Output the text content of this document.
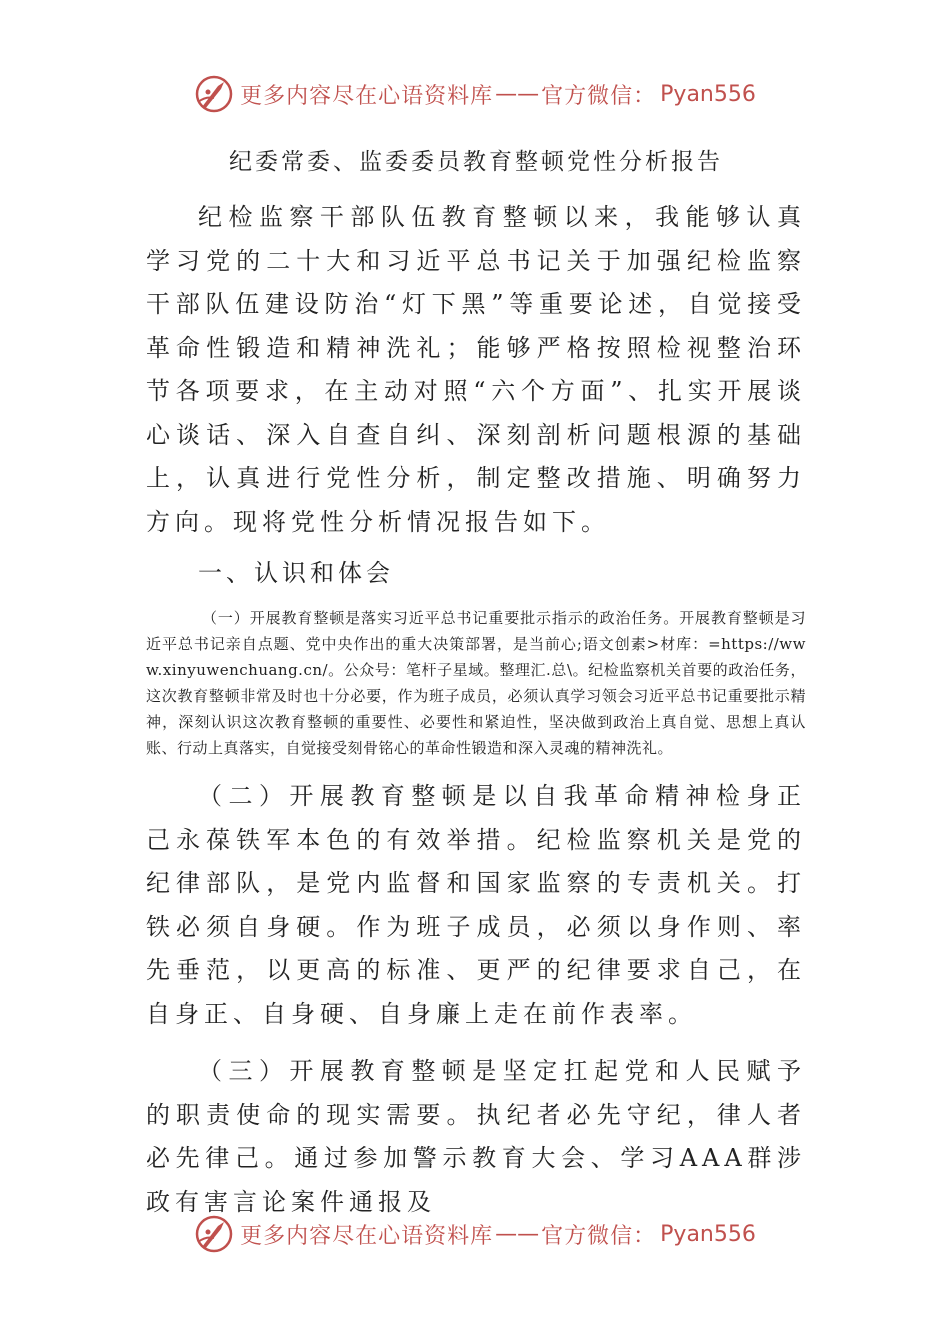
更多内容尽在心语资料库 —— 官方微信： Pyan556
纪委常委、监委委员教育整顿党性分析报告

纪检监察干部队伍教育整顿以来，我能够认真学习党的二十大和习近平总书记关于加强纪检监察干部队伍建设防治“灯下黑”等重要论述，自觉接受革命性锻造和精神洗礼；能够严格按照检视整治环节各项要求，在主动对照“六个方面”、扎实开展谈心谈话、深入自查自纠、深刻剖析问题根源的基础上，认真进行党性分析，制定整改措施、明确努力方向。现将党性分析情况报告如下。

一、认识和体会

（一）开展教育整顿是落实习近平总书记重要批示指示的政治任务。开展教育整顿是习近平总书记亲自点题、党中央作出的重大决策部署，是当前心;语文创素>材库：=https://www.xinyuwenchuang.cn/。公众号：笔杆子星域。整理汇.总\。纪检监察机关首要的政治任务，这次教育整顿非常及时也十分必要，作为班子成员，必须认真学习领会习近平总书记重要批示精神，深刻认识这次教育整顿的重要性、必要性和紧迫性，坚决做到政治上真自觉、思想上真认账、行动上真落实，自觉接受刻骨铭心的革命性锻造和深入灵魂的精神洗礼。

（二）开展教育整顿是以自我革命精神检身正己永葆铁军本色的有效举措。纪检监察机关是党的纪律部队，是党内监督和国家监察的专责机关。打铁必须自身硬。作为班子成员，必须以身作则、率先垂范，以更高的标准、更严的纪律要求自己，在自身正、自身硬、自身廉上走在前作表率。

（三）开展教育整顿是坚定扛起党和人民赋予的职责使命的现实需要。执纪者必先守纪，律人者必先律己。通过参加警示教育大会、学习AAA群涉政有害言论案件通报及

更多内容尽在心语资料库 —— 官方微信： Pyan556
